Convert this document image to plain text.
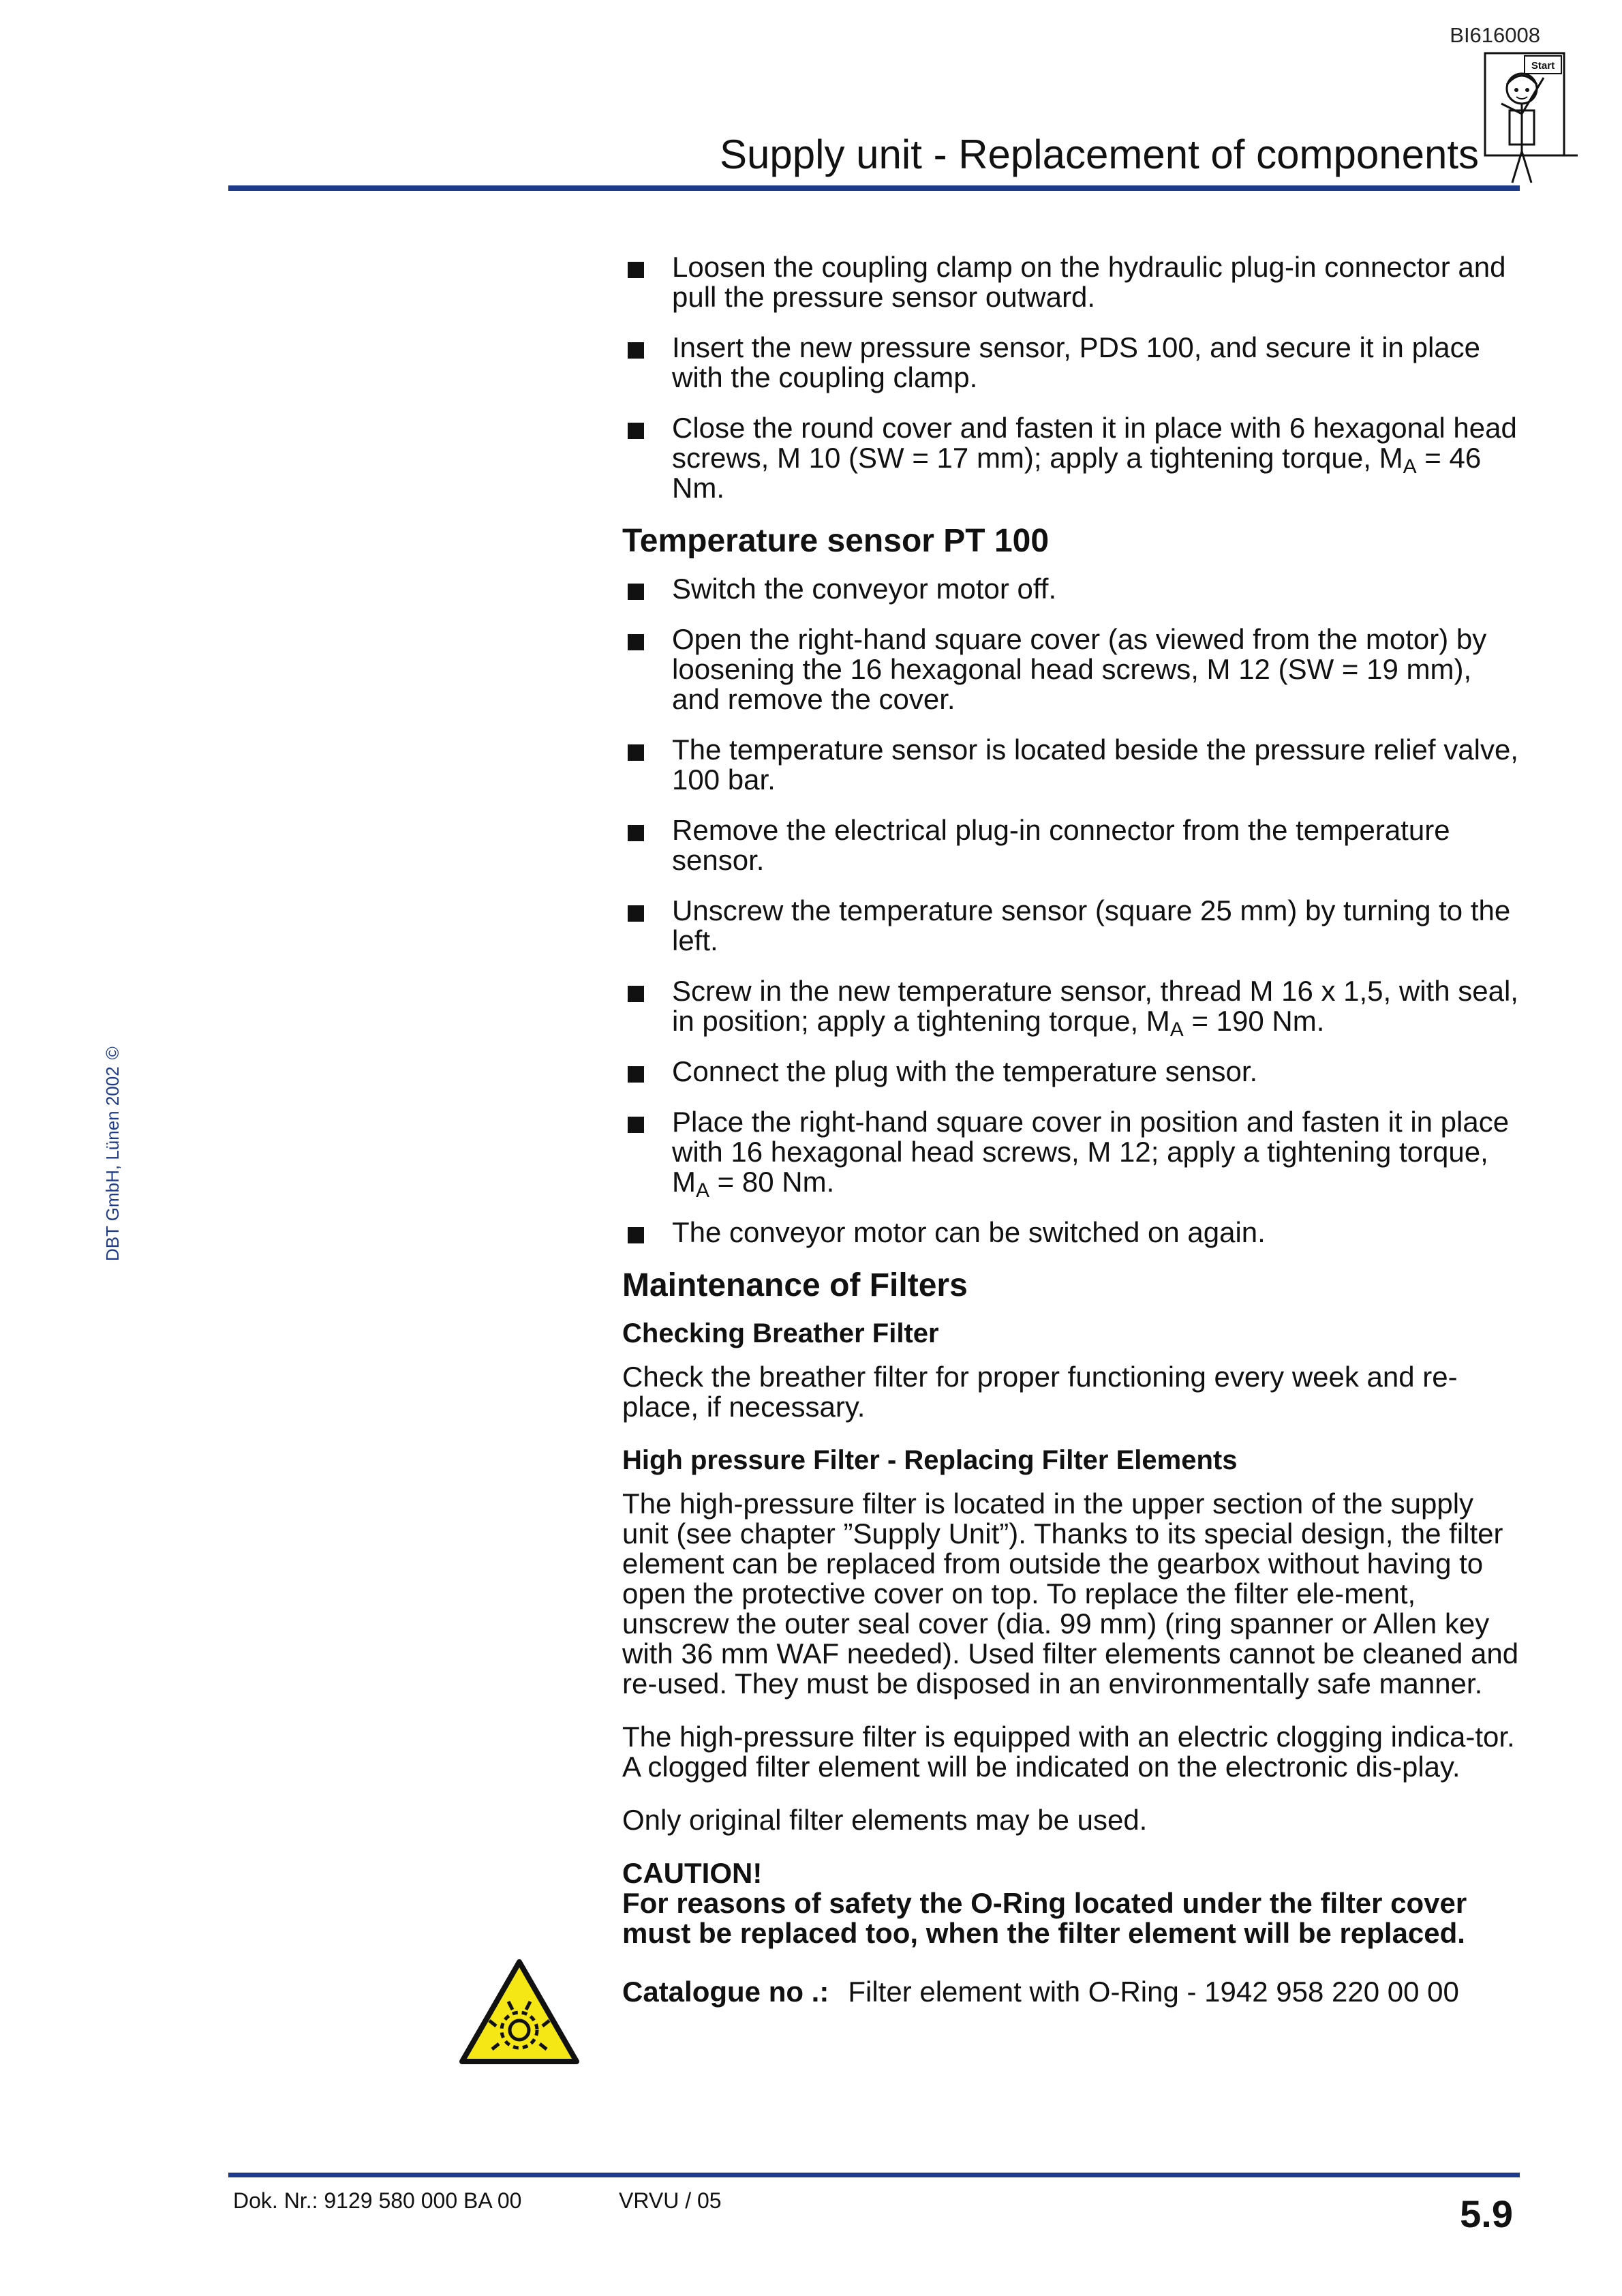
BI616008
Start
Supply unit - Replacement of components
DBT GmbH, Lünen 2002©
Loosen the coupling clamp on the hydraulic plug-in connector and pull the pressure sensor outward.
Insert the new pressure sensor, PDS 100, and secure it in place with the coupling clamp.
Close the round cover and fasten it in place with 6 hexagonal head screws, M 10 (SW = 17 mm); apply a tightening torque, $M_A = 46$ Nm.
Temperature sensor PT 100
Switch the conveyor motor off.
Open the right-hand square cover (as viewed from the motor) by loosening the 16 hexagonal head screws, M 12 (SW = 19 mm), and remove the cover.
The temperature sensor is located beside the pressure relief valve, 100 bar.
Remove the electrical plug-in connector from the temperature sensor.
Unscrew the temperature sensor (square 25 mm) by turning to the left.
Screw in the new temperature sensor, thread M 16 x 1,5, with seal, in position; apply a tightening torque, $M_A = 190$ Nm.
Connect the plug with the temperature sensor.
Place the right-hand square cover in position and fasten it in place with 16 hexagonal head screws, M 12; apply a tightening torque, $M_A = 80$ Nm.
The conveyor motor can be switched on again.
Maintenance of Filters
Checking Breather Filter

Check the breather filter for proper functioning every week and re-place, if necessary.

High pressure Filter - Replacing Filter Elements

The high-pressure filter is located in the upper section of the supply unit (see chapter ”Supply Unit”). Thanks to its special design, the filter element can be replaced from outside the gearbox without having to open the protective cover on top. To replace the filter ele-ment, unscrew the outer seal cover (dia. 99 mm) (ring spanner or Allen key with 36 mm WAF needed). Used filter elements cannot be cleaned and re-used. They must be disposed in an environmentally safe manner.

The high-pressure filter is equipped with an electric clogging indica-tor. A clogged filter element will be indicated on the electronic dis-play.

Only original filter elements may be used.

CAUTION!
For reasons of safety the O-Ring located under the filter cover must be replaced too, when the filter element will be replaced.
Catalogue no .: Filter element with O-Ring - 1942 958 220 00 00
Dok. Nr.: 9129 580 000 BA 00	VRVU / 05	5.9
